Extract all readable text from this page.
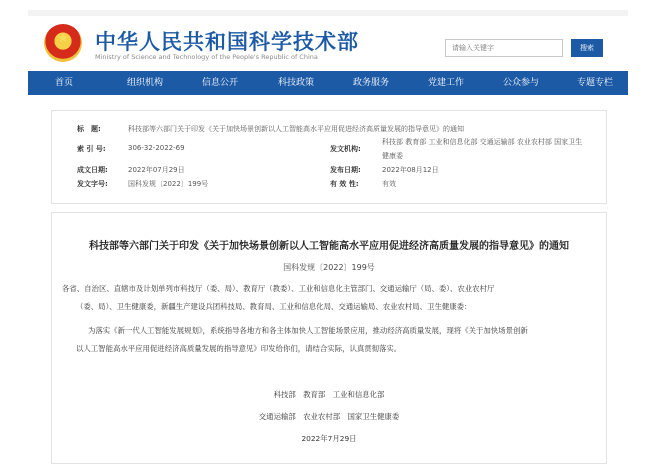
★	中华人民共和国科学技术部
Ministry of Science and Technology of the People's Republic of China
请输入关键字
搜索
首页	组织机构	信息公开	科技政策	政务服务	党建工作	公众参与	专题专栏
标　题:	科技部等六部门关于印发《关于加快场景创新以人工智能高水平应用促进经济高质量发展的指导意见》的通知
索 引 号:	306-32-2022-69	发文机构:
科技部 教育部 工业和信息化部 交通运输部 农业农村部 国家卫生
健康委
成文日期:	2022年07月29日	发布日期:	2022年08月12日
发文字号:	国科发规〔2022〕199号	有 效 性:	有效
科技部等六部门关于印发《关于加快场景创新以人工智能高水平应用促进经济高质量发展的指导意见》的通知
国科发规〔2022〕199号
各省、自治区、直辖市及计划单列市科技厅（委、局）、教育厅（教委）、工业和信息化主管部门、交通运输厅（局、委）、农业农村厅
（委、局）、卫生健康委，新疆生产建设兵团科技局、教育局、工业和信息化局、交通运输局、农业农村局、卫生健康委：
为落实《新一代人工智能发展规划》，系统指导各地方和各主体加快人工智能场景应用，推动经济高质量发展，现将《关于加快场景创新
以人工智能高水平应用促进经济高质量发展的指导意见》印发给你们，请结合实际，认真贯彻落实。
科技部　教育部　工业和信息化部
交通运输部　农业农村部　国家卫生健康委
2022年7月29日
